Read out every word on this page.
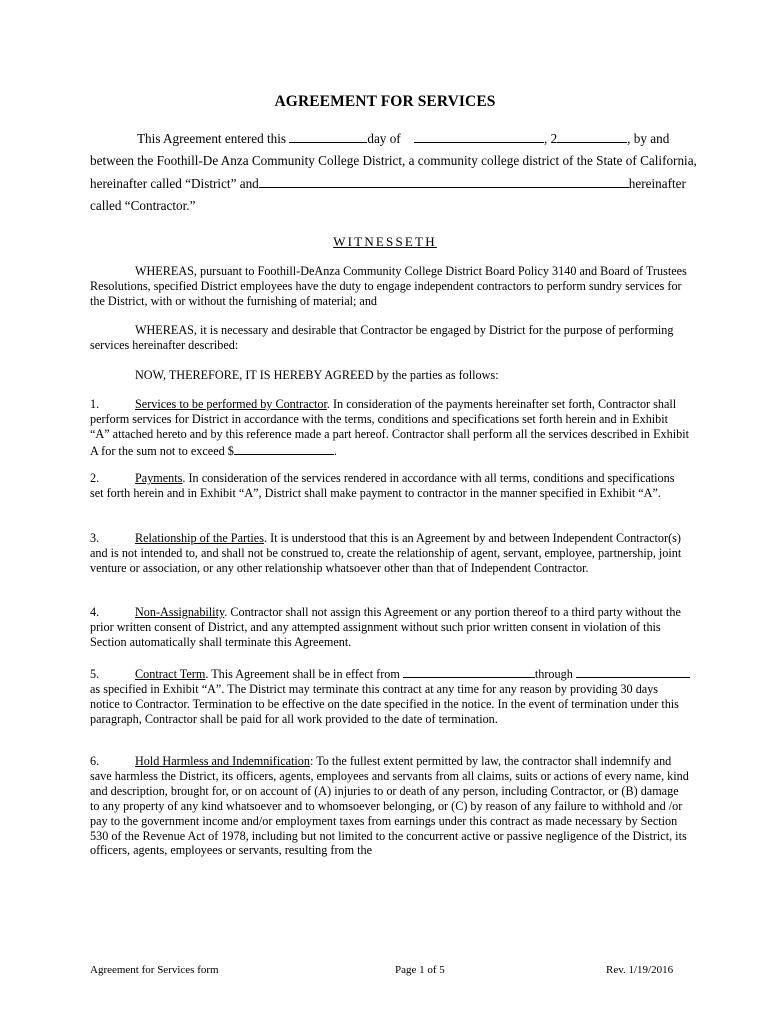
AGREEMENT FOR SERVICES
This Agreement entered this	day of	, 2	, by and
between the Foothill-De Anza Community College District, a community college district of the State of California,
hereinafter called “District” and	hereinafter
called “Contractor.”
WITNESSETH
WHEREAS, pursuant to Foothill-DeAnza Community College District Board Policy 3140 and Board of Trustees Resolutions, specified District employees have the duty to engage independent contractors to perform sundry services for the District, with or without the furnishing of material; and
WHEREAS, it is necessary and desirable that Contractor be engaged by District for the purpose of performing services hereinafter described:
NOW, THEREFORE, IT IS HEREBY AGREED by the parties as follows:
1.	Services to be performed by Contractor. In consideration of the payments hereinafter set forth, Contractor shall perform services for District in accordance with the terms, conditions and specifications set forth herein and in Exhibit “A” attached hereto and by this reference made a part hereof. Contractor shall perform all the services described in Exhibit A for the sum not to exceed $	.
2.	Payments. In consideration of the services rendered in accordance with all terms, conditions and specifications set forth herein and in Exhibit “A”, District shall make payment to contractor in the manner specified in Exhibit “A”.
3.	Relationship of the Parties. It is understood that this is an Agreement by and between Independent Contractor(s) and is not intended to, and shall not be construed to, create the relationship of agent, servant, employee, partnership, joint venture or association, or any other relationship whatsoever other than that of Independent Contractor.
4.	Non-Assignability. Contractor shall not assign this Agreement or any portion thereof to a third party without the prior written consent of District, and any attempted assignment without such prior written consent in violation of this Section automatically shall terminate this Agreement.
5.	Contract Term. This Agreement shall be in effect from	through as specified in Exhibit “A”. The District may terminate this contract at any time for any reason by providing 30 days notice to Contractor. Termination to be effective on the date specified in the notice. In the event of termination under this paragraph, Contractor shall be paid for all work provided to the date of termination.
6.	Hold Harmless and Indemnification: To the fullest extent permitted by law, the contractor shall indemnify and save harmless the District, its officers, agents, employees and servants from all claims, suits or actions of every name, kind and description, brought for, or on account of (A) injuries to or death of any person, including Contractor, or (B) damage to any property of any kind whatsoever and to whomsoever belonging, or (C) by reason of any failure to withhold and /or pay to the government income and/or employment taxes from earnings under this contract as made necessary by Section 530 of the Revenue Act of 1978, including but not limited to the concurrent active or passive negligence of the District, its officers, agents, employees or servants, resulting from the
Agreement for Services form	Page 1 of 5	Rev. 1/19/2016
